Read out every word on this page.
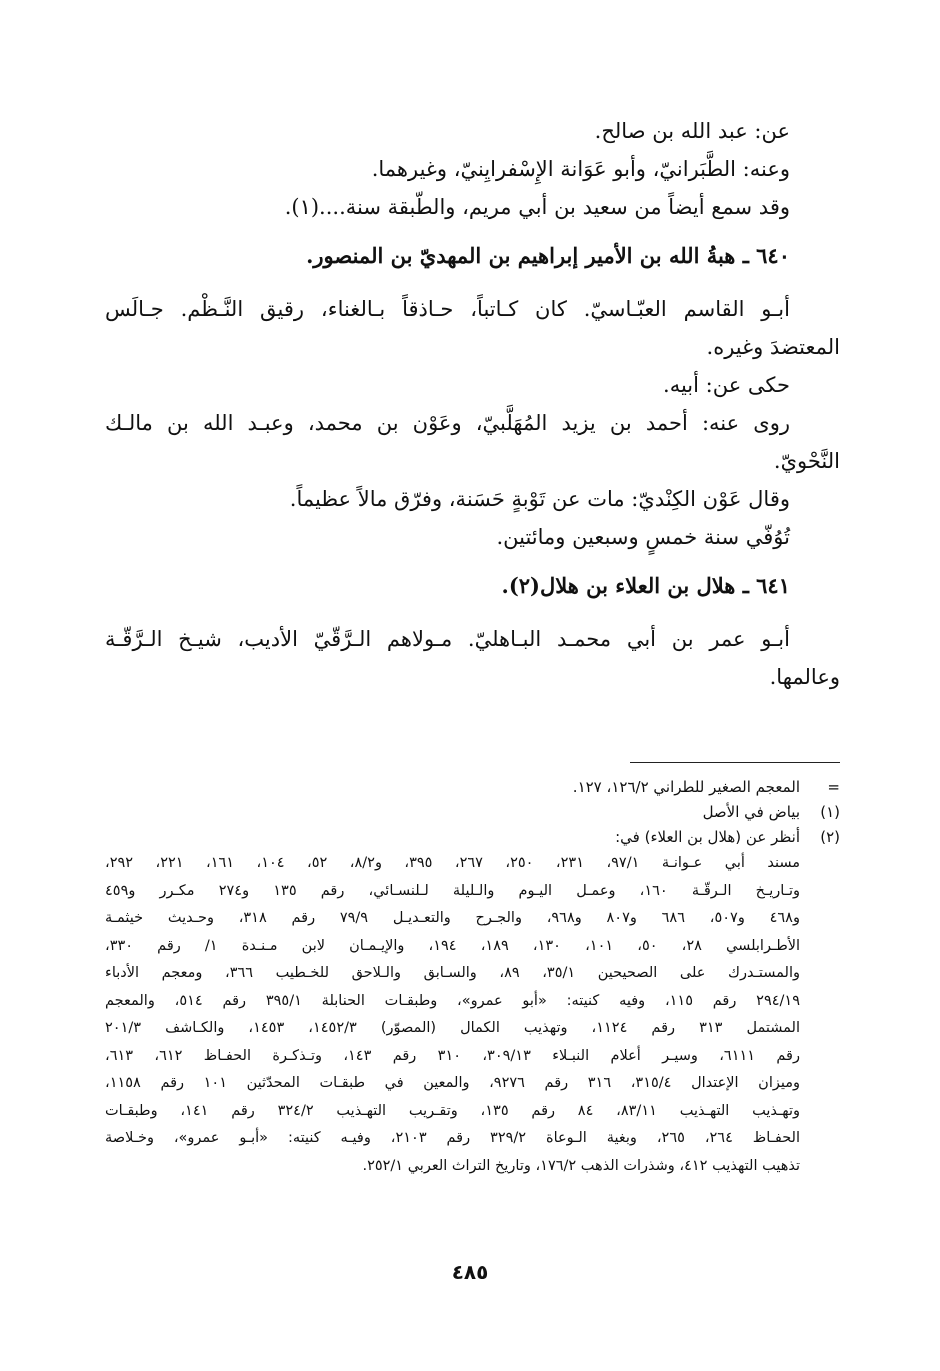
عن: عبد الله بن صالح.
وعنه: الطَّبَرانيّ، وأبو عَوَانة الإِسْفرايِنيّ، وغيرهما.
وقد سمع أيضاً من سعيد بن أبي مريم، والطّبقة سنة....(١).
٦٤٠ ـ هبةُ الله بن الأمير إبراهيم بن المهديّ بن المنصور.
أبـو القاسم العبّـاسيّ. كان كـاتباً، حـاذقاً بـالغناء، رقيق النَّـظْم. جـالَس
المعتضدَ وغيره.
حكى عن: أبيه.
روى عنه: أحمد بن يزيد المُهَلَّبيّ، وعَوْن بن محمد، وعبـد الله بن مالـك
النَّحْويّ.
وقال عَوْن الكِنْديّ: مات عن تَوْبةٍ حَسَنة، وفرّق مالاً عظيماً.
تُوُفّي سنة خمسٍ وسبعين ومائتين.
٦٤١ ـ هلال بن العلاء بن هلال(٢).
أبـو عمر بن أبي محمـد البـاهليّ. مـولاهم الـرَّقّيّ الأديب، شيـخ الـرَّقّـة
وعالمها.
=
المعجم الصغير للطراني ١٢٦/٢، ١٢٧.
(١)
بياض في الأصل
(٢)
أنظر عن (هلال بن العلاء) في:
مسند أبي عـوانـة ٩٧/١، ٢٣١، ٢٥٠، ٢٦٧، ٣٩٥، و٨/٢، ٥٢، ١٠٤، ١٦١، ٢٢١، ٢٩٢،
وتـاريـخ الـرقّـة ١٦٠، وعمـل اليـوم والـليلة لـلنسـائي، رقم ١٣٥ و٢٧٤ مكـرر و٤٥٩
و٤٦٨ و٥٠٧، ٦٨٦ و٨٠٧ و٩٦٨، والجـرح والتعـديـل ٧٩/٩ رقم ٣١٨، وحـديث خيثمـة
الأطـرابلسي ٢٨، ٥٠، ١٠١، ١٣٠، ١٨٩، ١٩٤، والإيـمـان لابن مـنـدة ١/ رقم ٣٣٠،
والمستـدرك على الصحيحين ٣٥/١، ٨٩، والسـابق والـلاحق للخـطيب ٣٦٦، ومعجم الأدباء
٢٩٤/١٩ رقم ١١٥، وفيه كنيته: «أبو عمرو»، وطبقـات الحنابلة ٣٩٥/١ رقم ٥١٤، والمعجم
المشتمل ٣١٣ رقم ١١٢٤، وتهذيب الكمال (المصوّر) ١٤٥٢/٣، ١٤٥٣، والكـاشف ٢٠١/٣
رقم ٦١١١، وسيـر أعلام النبـلاء ٣٠٩/١٣، ٣١٠ رقم ١٤٣، وتـذكـرة الحفـاظ ٦١٢، ٦١٣،
وميزان الإعتدال ٣١٥/٤، ٣١٦ رقم ٩٢٧٦، والمعين في طبقـات المحدّثين ١٠١ رقم ١١٥٨،
وتهـذيب التهـذيب ٨٣/١١، ٨٤ رقم ١٣٥، وتقـريب التهـذيب ٣٢٤/٢ رقم ١٤١، وطبقـات
الحفـاظ ٢٦٤، ٢٦٥، وبغية الـوعاة ٣٢٩/٢ رقم ٢١٠٣، وفيـه كنيته: «أبـو عمرو»، وخـلاصة
تذهيب التهذيب ٤١٢، وشذرات الذهب ١٧٦/٢، وتاريخ التراث العربي ٢٥٢/١.
٤٨٥
